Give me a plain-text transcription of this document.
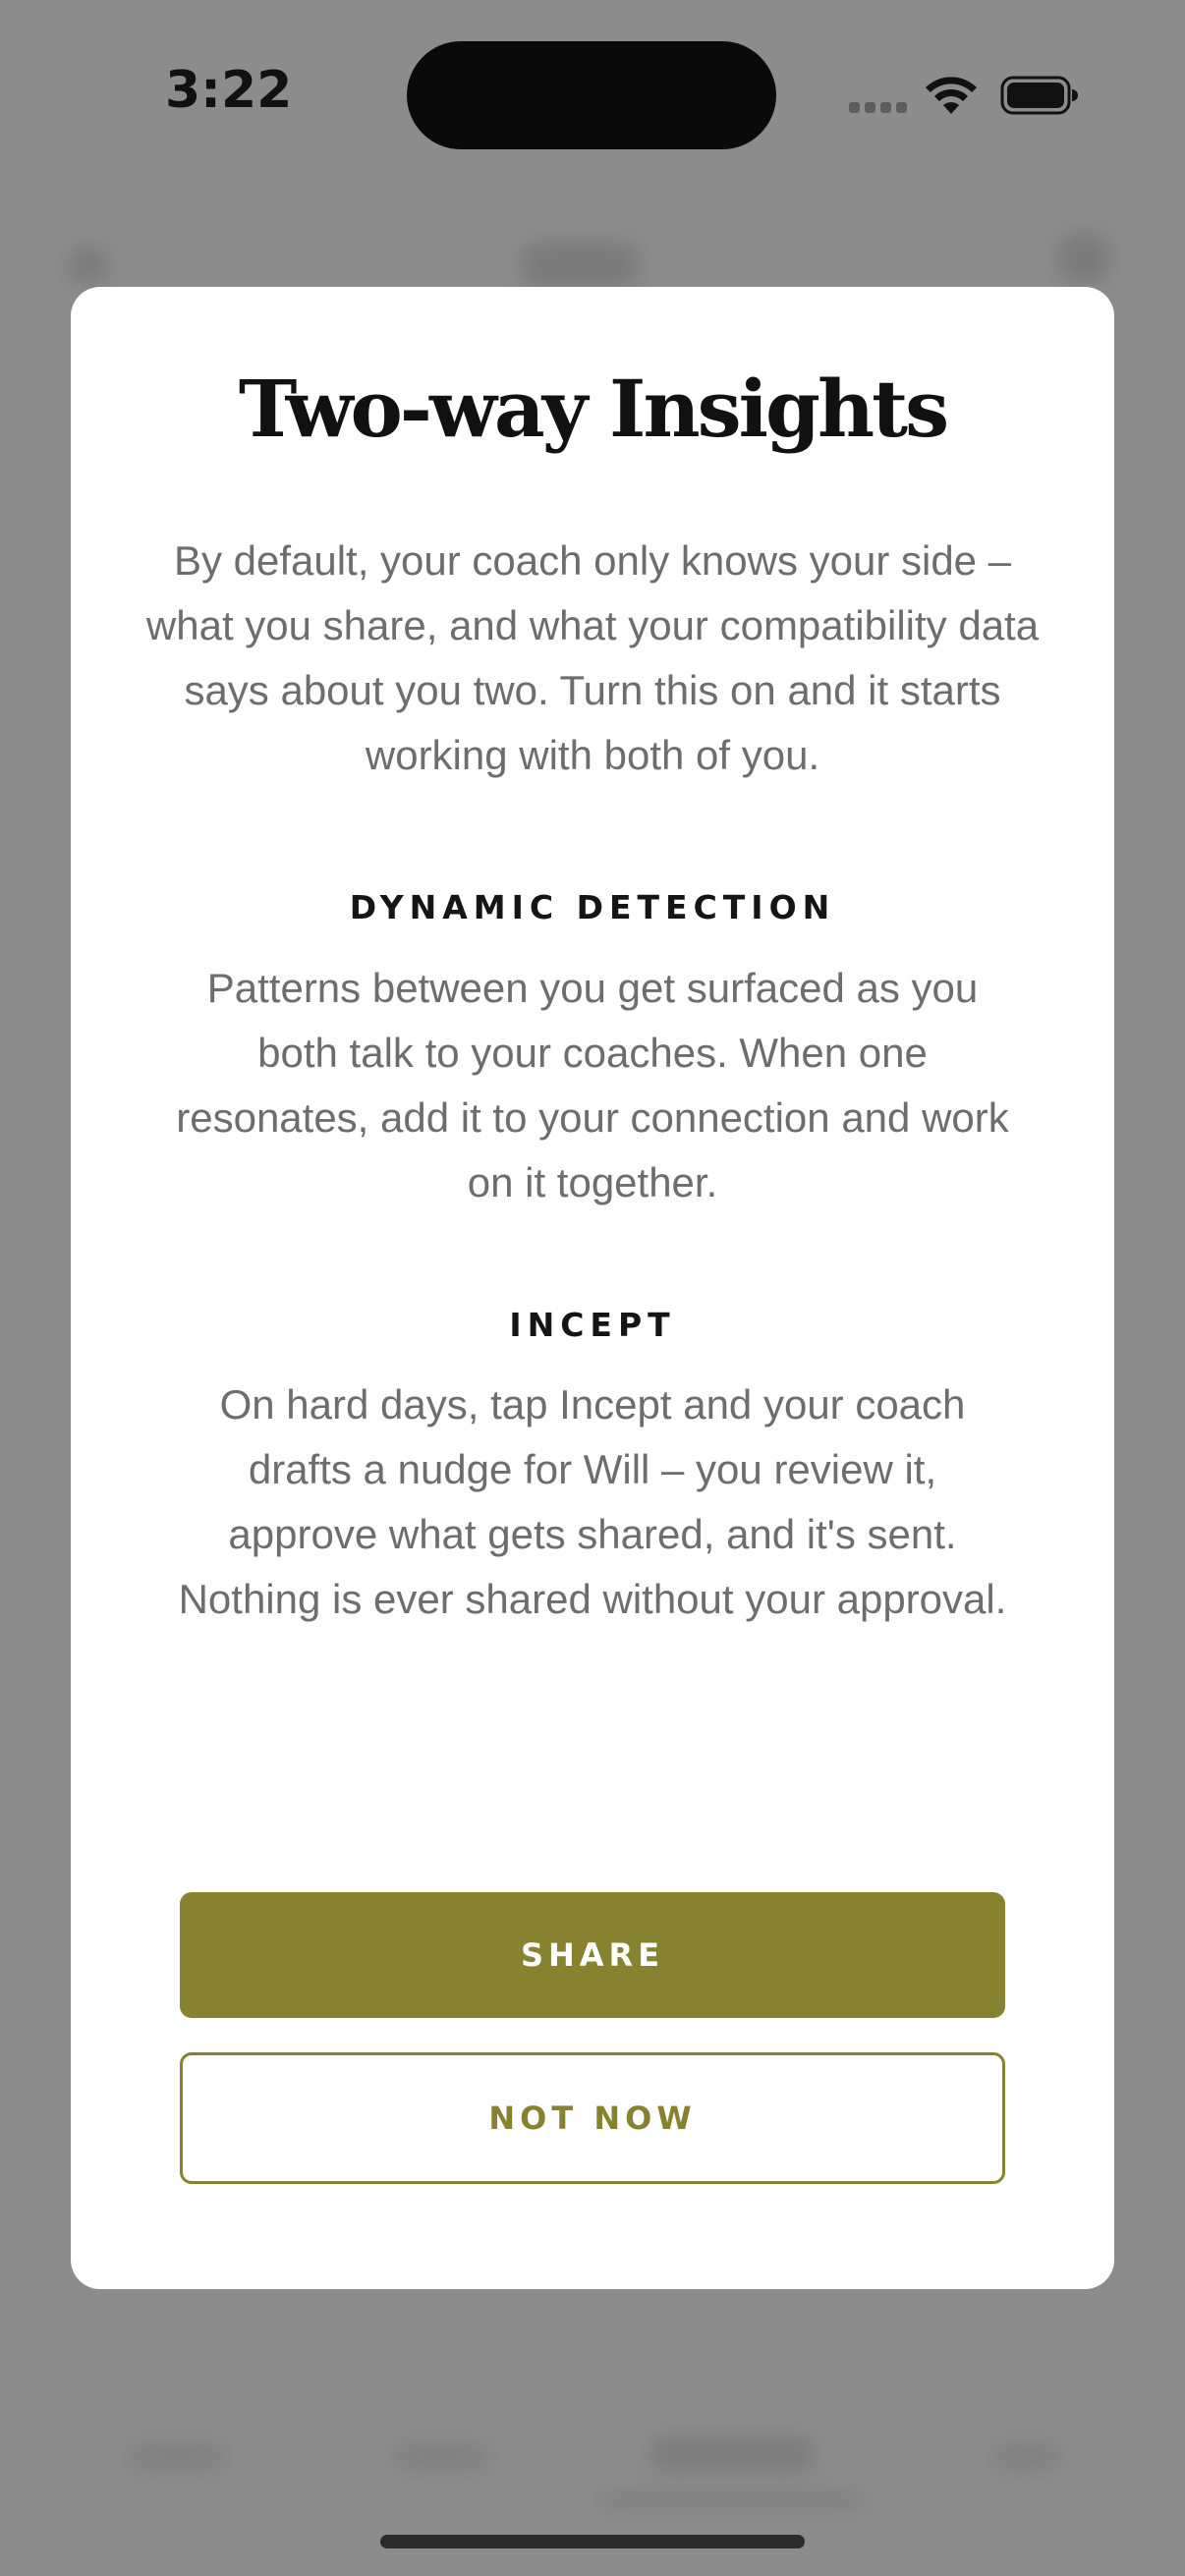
3:22
Two-way Insights
By default, your coach only knows your side – what you share, and what your compatibility data says about you two. Turn this on and it starts working with both of you.
DYNAMIC DETECTION
Patterns between you get surfaced as you both talk to your coaches. When one resonates, add it to your connection and work on it together.
INCEPT
On hard days, tap Incept and your coach drafts a nudge for Will – you review it, approve what gets shared, and it's sent. Nothing is ever shared without your approval.
SHARE
NOT NOW
